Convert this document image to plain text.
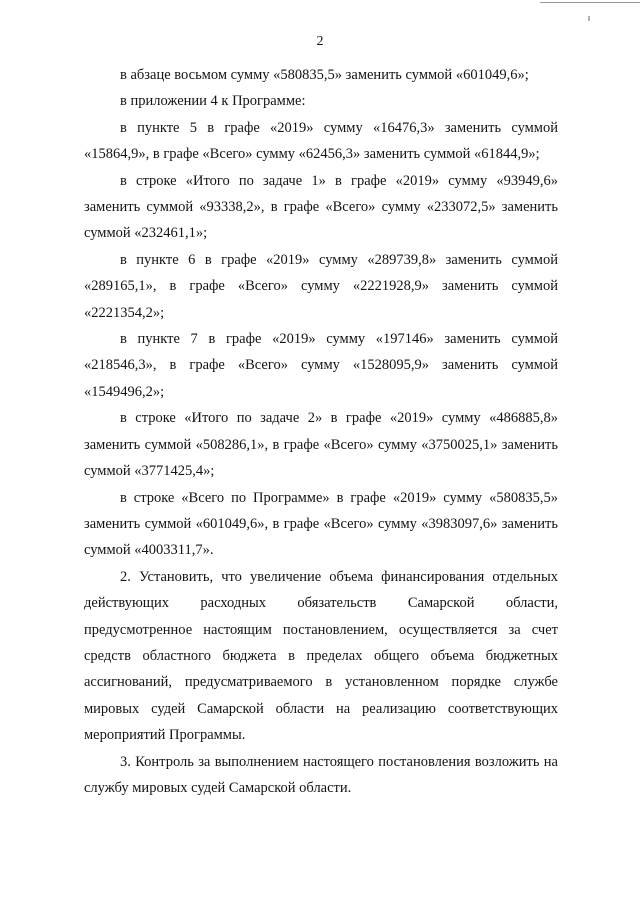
2

в абзаце восьмом сумму «580835,5» заменить суммой «601049,6»;

в приложении 4 к Программе:

в пункте 5 в графе «2019» сумму «16476,3» заменить суммой «15864,9», в графе «Всего» сумму «62456,3» заменить суммой «61844,9»;

в строке «Итого по задаче 1» в графе «2019» сумму «93949,6» заменить суммой «93338,2», в графе «Всего» сумму «233072,5» заменить суммой «232461,1»;

в пункте 6 в графе «2019» сумму «289739,8» заменить суммой «289165,1», в графе «Всего» сумму «2221928,9» заменить суммой «2221354,2»;

в пункте 7 в графе «2019» сумму «197146» заменить суммой «218546,3», в графе «Всего» сумму «1528095,9» заменить суммой «1549496,2»;

в строке «Итого по задаче 2» в графе «2019» сумму «486885,8» заменить суммой «508286,1», в графе «Всего» сумму «3750025,1» заменить суммой «3771425,4»;

в строке «Всего по Программе» в графе «2019» сумму «580835,5» заменить суммой «601049,6», в графе «Всего» сумму «3983097,6» заменить суммой «4003311,7».

2. Установить, что увеличение объема финансирования отдельных действующих расходных обязательств Самарской области, предусмотренное настоящим постановлением, осуществляется за счет средств областного бюджета в пределах общего объема бюджетных ассигнований, предусматриваемого в установленном порядке службе мировых судей Самарской области на реализацию соответствующих мероприятий Программы.

3. Контроль за выполнением настоящего постановления возложить на службу мировых судей Самарской области.
